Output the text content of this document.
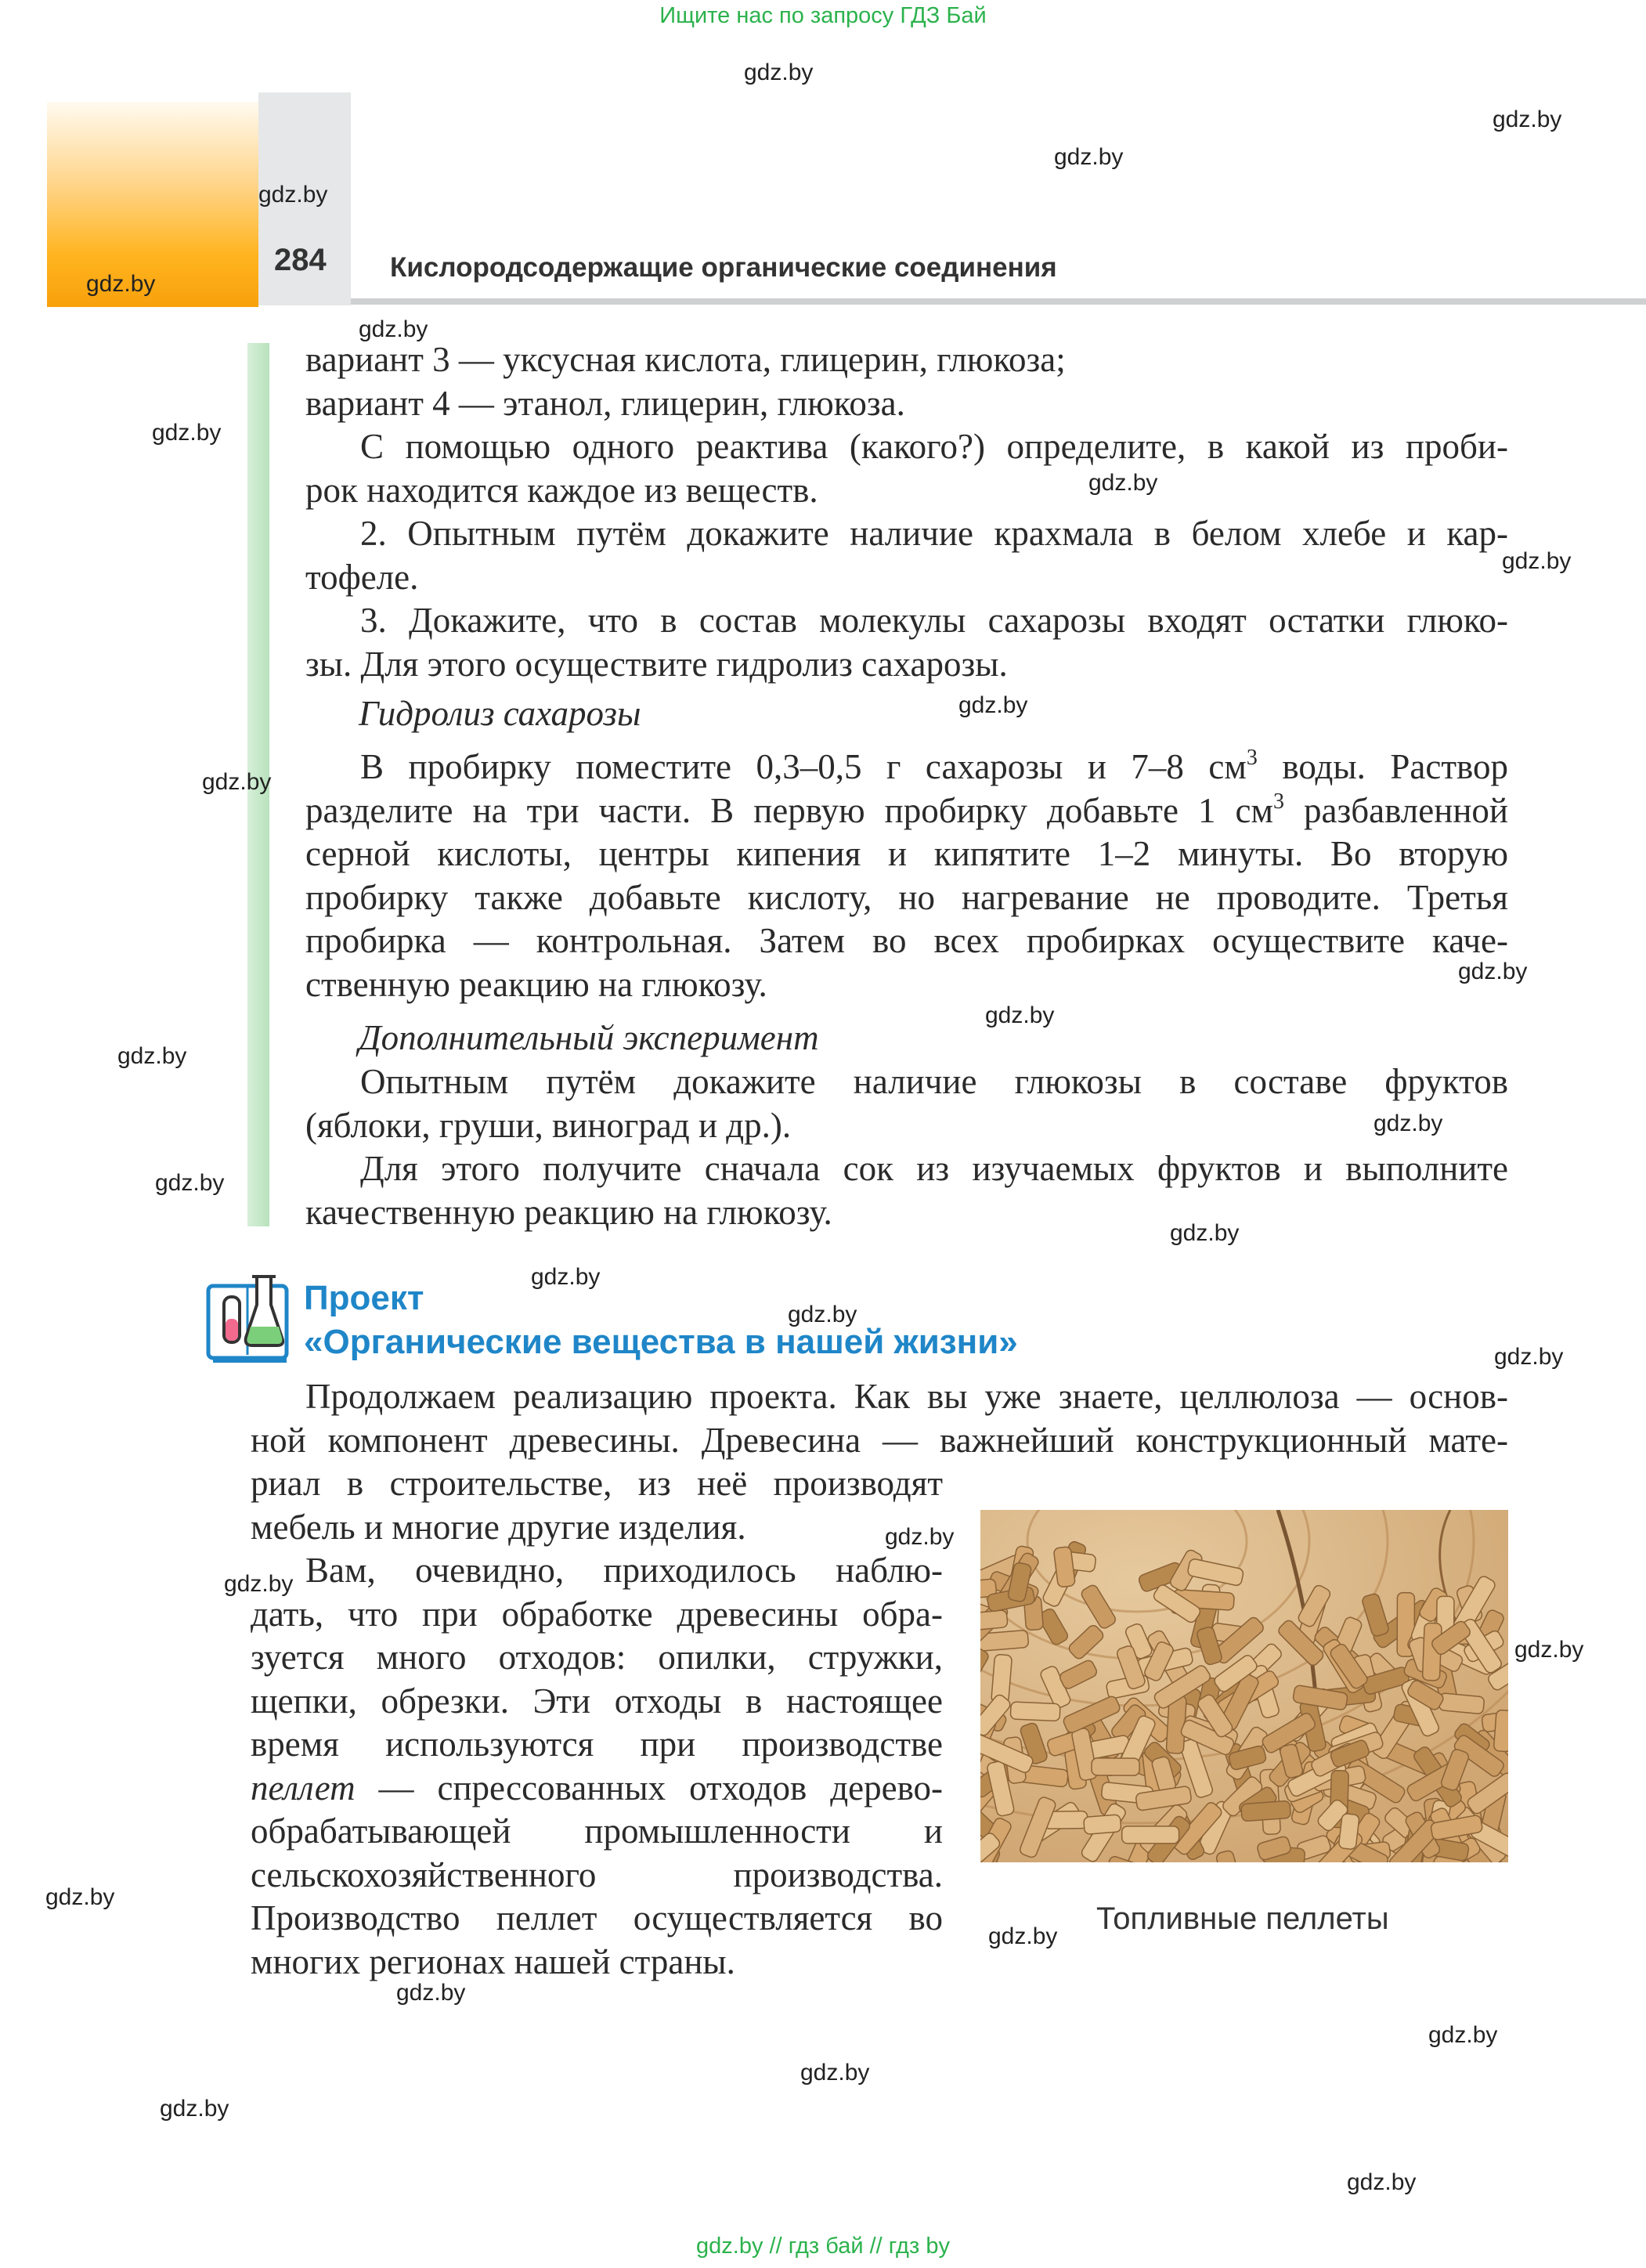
Ищите нас по запросу ГДЗ Бай
284 Кислородсодержащие органические соединения
вариант 3 — уксусная кислота, глицерин, глюкоза;
вариант 4 — этанол, глицерин, глюкоза.
С помощью одного реактива (какого?) определите, в какой из проби-
рок находится каждое из веществ.
2. Опытным путём докажите наличие крахмала в белом хлебе и кар-
тофеле.
3. Докажите, что в состав молекулы сахарозы входят остатки глюко-
зы. Для этого осуществите гидролиз сахарозы.
Гидролиз сахарозы
В пробирку поместите 0,3–0,5 г сахарозы и 7–8 $см^3$ воды. Раствор
разделите на три части. В первую пробирку добавьте 1 $см^3$ разбавленной
серной кислоты, центры кипения и кипятите 1–2 минуты. Во вторую
пробирку также добавьте кислоту, но нагревание не проводите. Третья
пробирка — контрольная. Затем во всех пробирках осуществите каче-
ственную реакцию на глюкозу.
Дополнительный эксперимент
Опытным путём докажите наличие глюкозы в составе фруктов
(яблоки, груши, виноград и др.).
Для этого получите сначала сок из изучаемых фруктов и выполните
качественную реакцию на глюкозу.
Проект
«Органические вещества в нашей жизни»
Продолжаем реализацию проекта. Как вы уже знаете, целлюлоза — основ-
ной компонент древесины. Древесина — важнейший конструкционный мате-
риал в строительстве, из неё производят
мебель и многие другие изделия.
Вам, очевидно, приходилось наблю-
дать, что при обработке древесины обра-
зуется много отходов: опилки, стружки,
щепки, обрезки. Эти отходы в настоящее
время используются при производстве
пеллет — спрессованных отходов дерево-
обрабатывающей промышленности и
сельскохозяйственного производства.
Производство пеллет осуществляется во
многих регионах нашей страны.
Топливные пеллеты
gdz.by
gdz.by
gdz.by
gdz.by
gdz.by
gdz.by
gdz.by
gdz.by
gdz.by
gdz.by
gdz.by
gdz.by
gdz.by
gdz.by
gdz.by
gdz.by
gdz.by
gdz.by
gdz.by
gdz.by
gdz.by
gdz.by
gdz.by
gdz.by
gdz.by
gdz.by
gdz.by
gdz.by
gdz.by
gdz.by
gdz.by // гдз бай // гдз by
